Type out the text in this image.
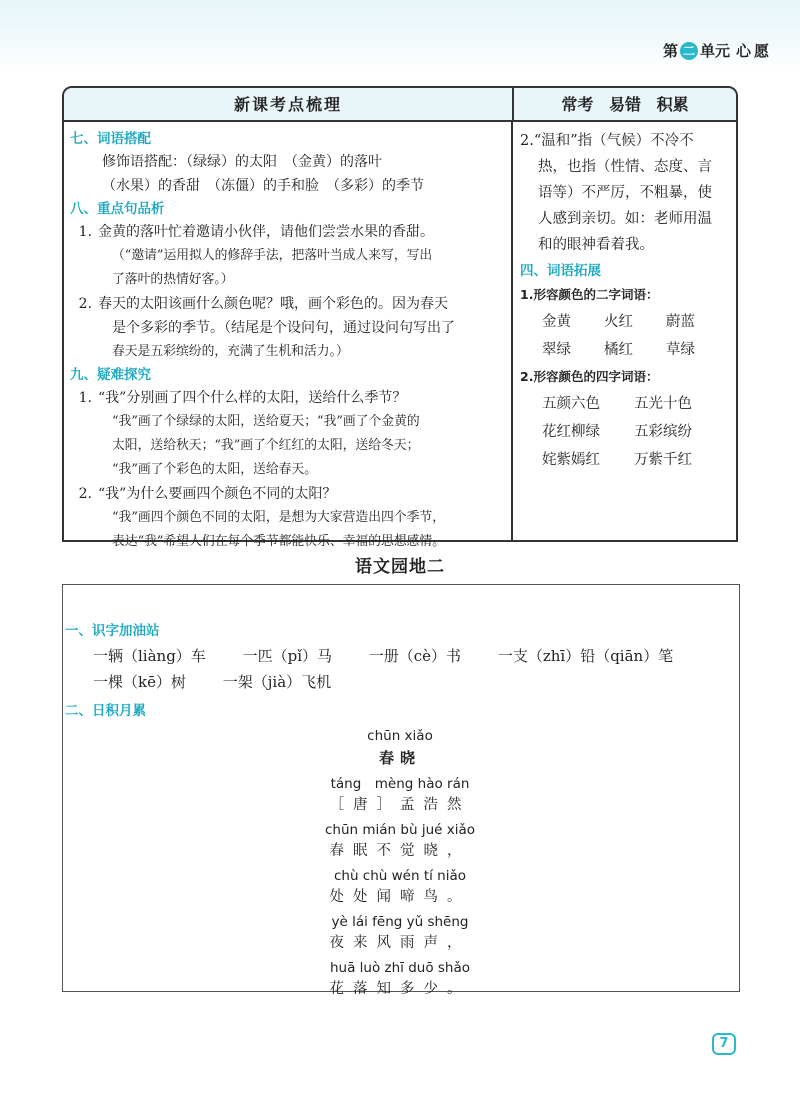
第 二 单元 心愿
新课考点梳理	常考 易错 积累
七、词语搭配
修饰语搭配：（绿绿）的太阳　（金黄）的落叶
（水果）的香甜　（冻僵）的手和脸　（多彩）的季节
八、重点句品析
1. 金黄的落叶忙着邀请小伙伴，请他们尝尝水果的香甜。
（“邀请”运用拟人的修辞手法，把落叶当成人来写，写出
了落叶的热情好客。）
2. 春天的太阳该画什么颜色呢？哦，画个彩色的。因为春天
是个多彩的季节。（结尾是个设问句，通过设问句写出了
春天是五彩缤纷的，充满了生机和活力。）
九、疑难探究
1. “我”分别画了四个什么样的太阳，送给什么季节？
“我”画了个绿绿的太阳，送给夏天；“我”画了个金黄的
太阳，送给秋天；“我”画了个红红的太阳，送给冬天；
“我”画了个彩色的太阳，送给春天。
2. “我”为什么要画四个颜色不同的太阳？
“我”画四个颜色不同的太阳，是想为大家营造出四个季节，
表达“我”希望人们在每个季节都能快乐、幸福的思想感情。
2.“温和”指（气候）不冷不
热，也指（性情、态度、言
语等）不严厉，不粗暴，使
人感到亲切。如：老师用温
和的眼神看着我。
四、词语拓展
1.形容颜色的二字词语：
金黄	火红	蔚蓝
翠绿	橘红	草绿
2.形容颜色的四字词语：
五颜六色	五光十色
花红柳绿	五彩缤纷
姹紫嫣红	万紫千红
语文园地二
一、识字加油站
一辆（liàng）车 一匹（pǐ）马 一册（cè）书 一支（zhī）铅（qiān）笔
一棵（kē）树 一架（jià）飞机
二、日积月累
chūn xiǎo
春晓
táng　mèng hào rán
［唐］孟浩然
chūn mián bù jué xiǎo
春眠不觉晓，
chù chù wén tí niǎo
处处闻啼鸟。
yè lái fēng yǔ shēng
夜来风雨声，
huā luò zhī duō shǎo
花落知多少。
7
